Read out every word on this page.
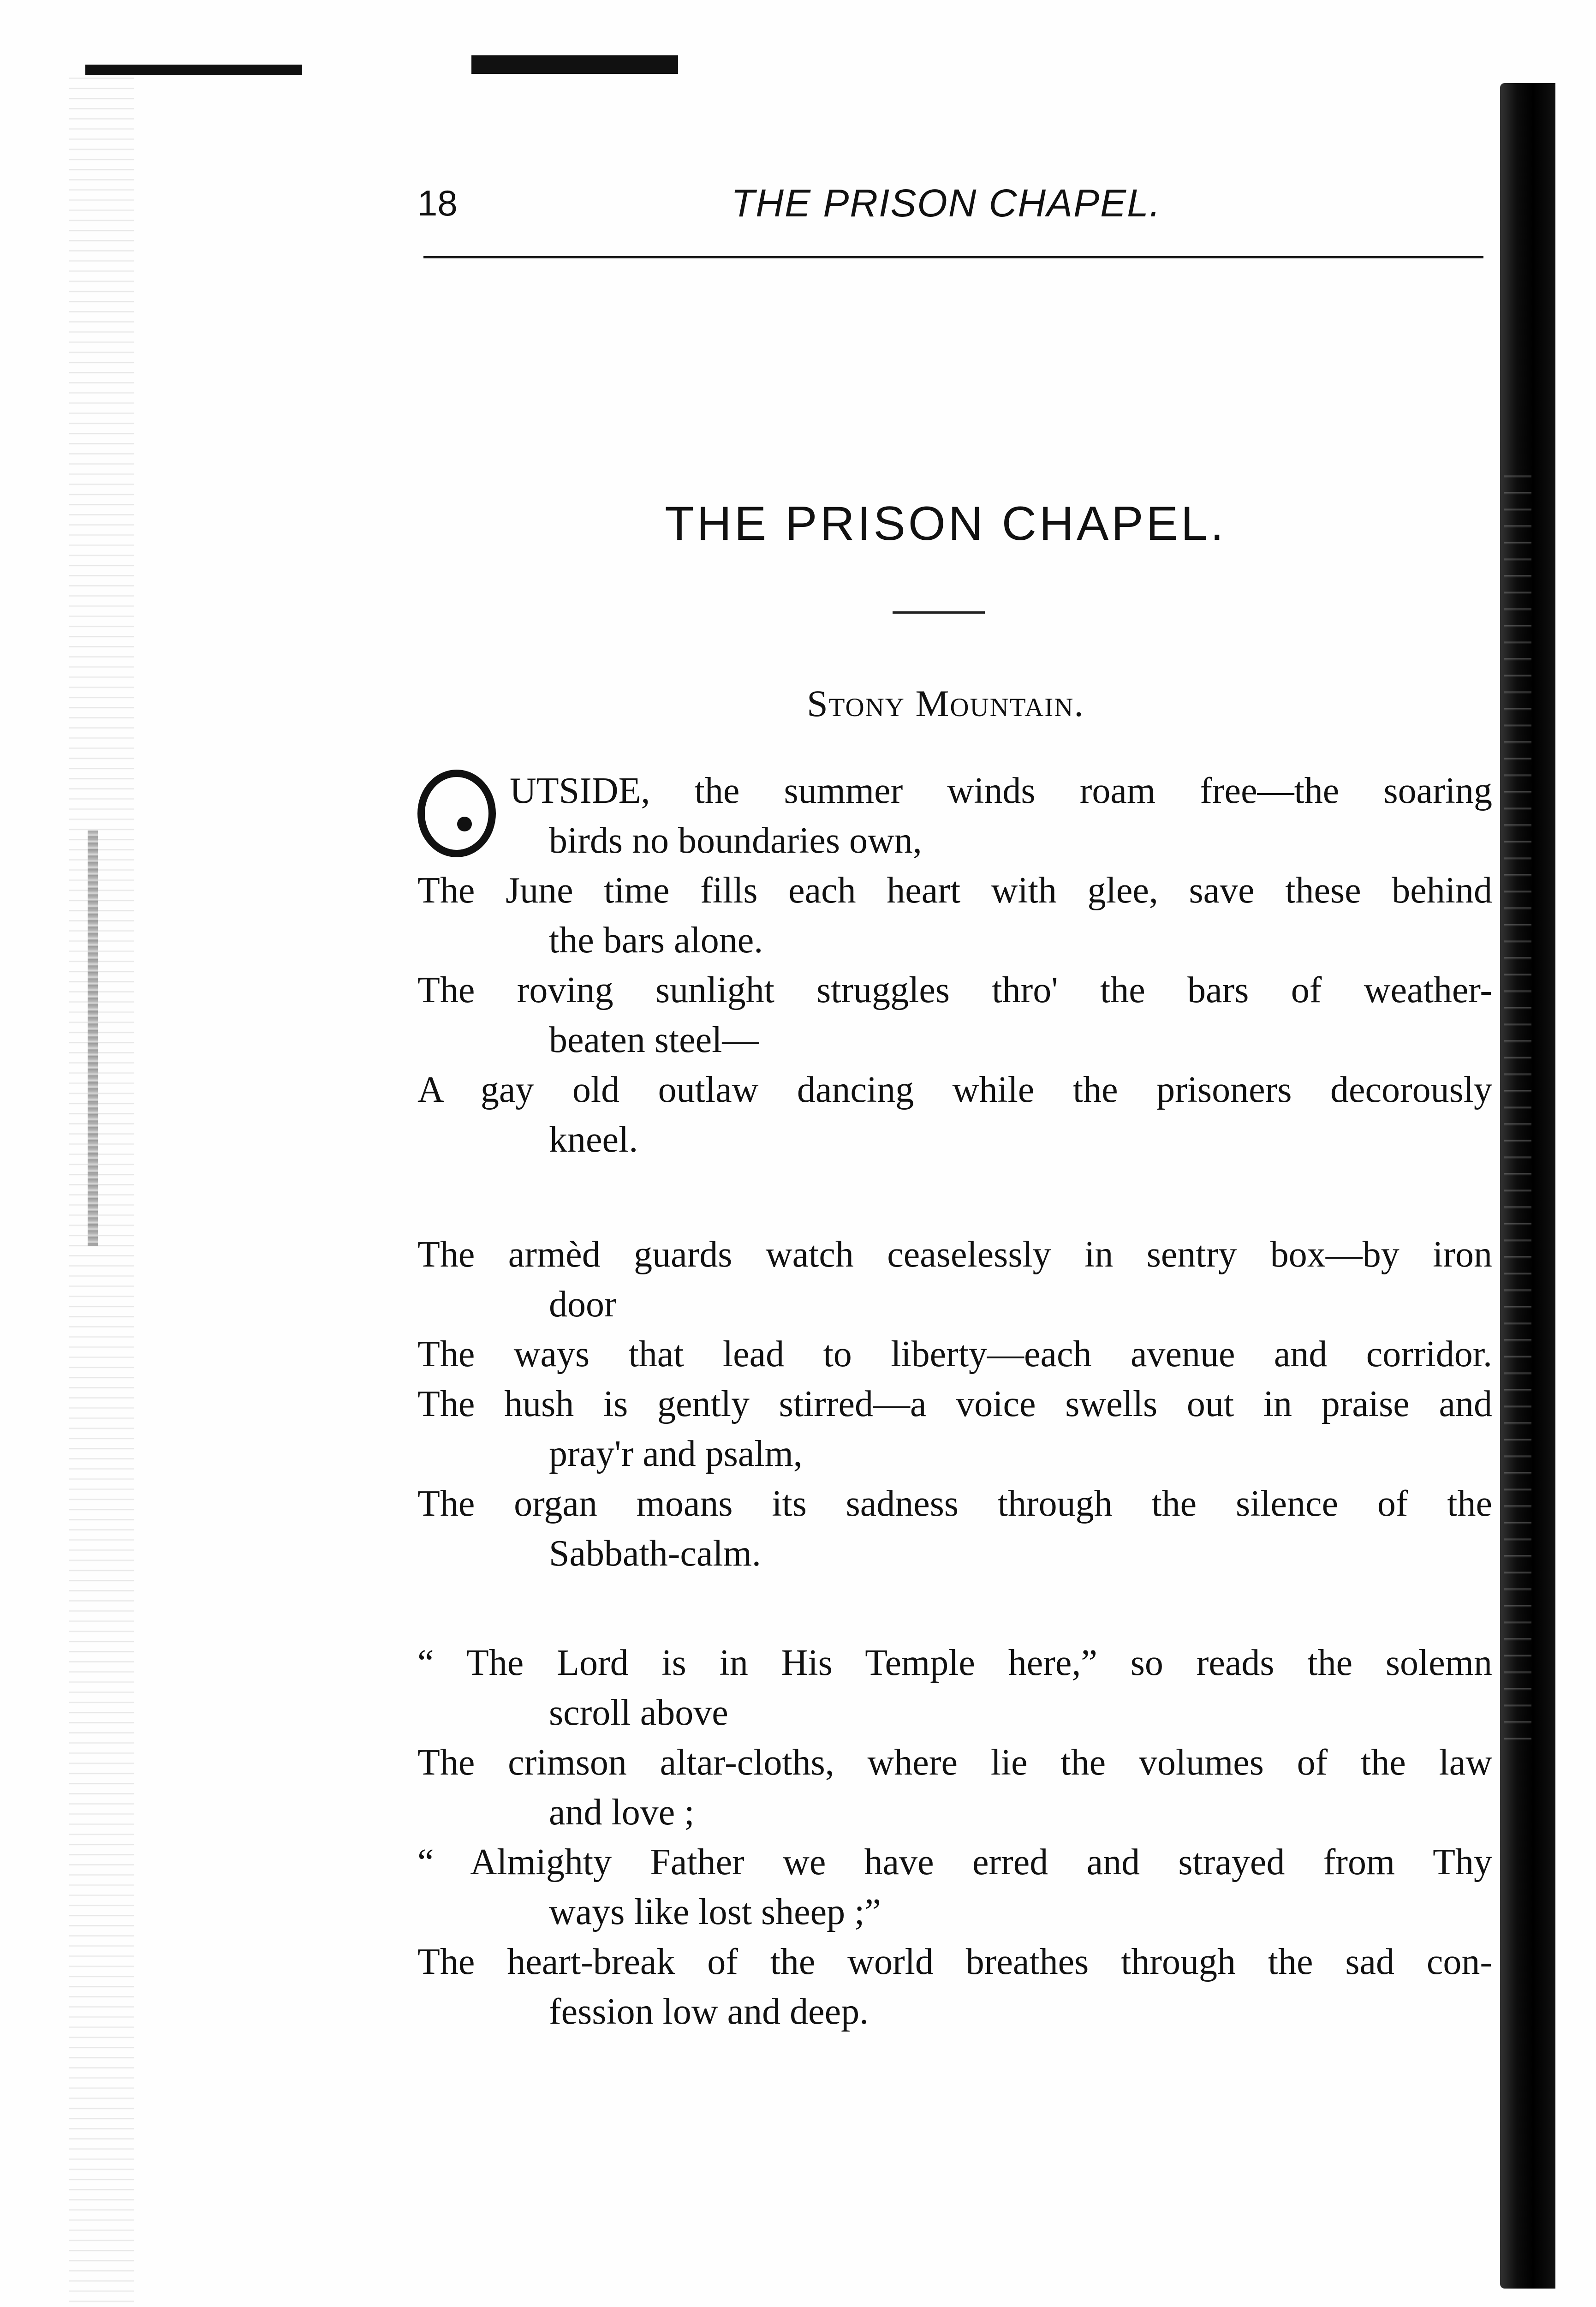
18	THE PRISON CHAPEL.
THE PRISON CHAPEL.
Stony Mountain.
UTSIDE, the summer winds roam free—the soaring
birds no boundaries own,
The June time fills each heart with glee, save these behind
the bars alone.
The roving sunlight struggles thro' the bars of weather-
beaten steel—
A gay old outlaw dancing while the prisoners decorously
kneel.
The armèd guards watch ceaselessly in sentry box—by iron
door
The ways that lead to liberty—each avenue and corridor.
The hush is gently stirred—a voice swells out in praise and
pray'r and psalm,
The organ moans its sadness through the silence of the
Sabbath-calm.
“ The Lord is in His Temple here,” so reads the solemn
scroll above
The crimson altar-cloths, where lie the volumes of the law
and love ;
“ Almighty Father we have erred and strayed from Thy
ways like lost sheep ;”
The heart-break of the world breathes through the sad con-
fession low and deep.
